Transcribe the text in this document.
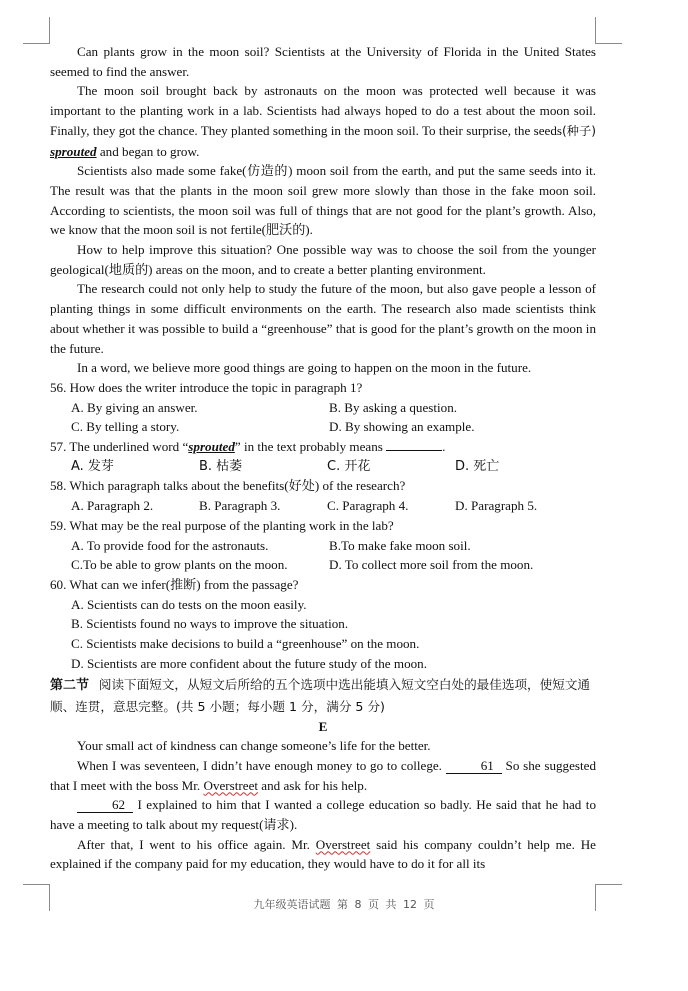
Can plants grow in the moon soil? Scientists at the University of Florida in the United States seemed to find the answer.

The moon soil brought back by astronauts on the moon was protected well because it was important to the planting work in a lab. Scientists had always hoped to do a test about the moon soil. Finally, they got the chance. They planted something in the moon soil. To their surprise, the seeds(种子) sprouted and began to grow.

Scientists also made some fake(仿造的) moon soil from the earth, and put the same seeds into it. The result was that the plants in the moon soil grew more slowly than those in the fake moon soil. According to scientists, the moon soil was full of things that are not good for the plant’s growth. Also, we know that the moon soil is not fertile(肥沃的).

How to help improve this situation? One possible way was to choose the soil from the younger geological(地质的) areas on the moon, and to create a better planting environment.

The research could not only help to study the future of the moon, but also gave people a lesson of planting things in some difficult environments on the earth. The research also made scientists think about whether it was possible to build a “greenhouse” that is good for the plant’s growth on the moon in the future.

In a word, we believe more good things are going to happen on the moon in the future.

56. How does the writer introduce the topic in paragraph 1?

A. By giving an answer.	B. By asking a question.
C. By telling a story.	D. By showing an example.

57. The underlined word “sprouted” in the text probably means	.

A. 发芽	B. 枯萎	C. 开花	D. 死亡

58. Which paragraph talks about the benefits(好处) of the research?

A. Paragraph 2.	B. Paragraph 3.	C. Paragraph 4.	D. Paragraph 5.

59. What may be the real purpose of the planting work in the lab?

A. To provide food for the astronauts.	B.To make fake moon soil.
C.To be able to grow plants on the moon.	D. To collect more soil from the moon.

60. What can we infer(推断) from the passage?

A. Scientists can do tests on the moon easily.

B. Scientists found no ways to improve the situation.

C. Scientists make decisions to build a “greenhouse” on the moon.

D. Scientists are more confident about the future study of the moon.

第二节 阅读下面短文，从短文后所给的五个选项中选出能填入短文空白处的最佳选项，使短文通顺、连贯，意思完整。(共 5 小题；每小题 1 分，满分 5 分)

E

Your small act of kindness can change someone’s life for the better.

When I was seventeen, I didn’t have enough money to go to college.	61 So she suggested that I meet with the boss Mr. Overstreet and ask for his help.

62 I explained to him that I wanted a college education so badly. He said that he had to have a meeting to talk about my request(请求).

After that, I went to his office again. Mr. Overstreet said his company couldn’t help me. He explained if the company paid for my education, they would have to do it for all its

九年级英语试题 第 8 页 共 12 页
